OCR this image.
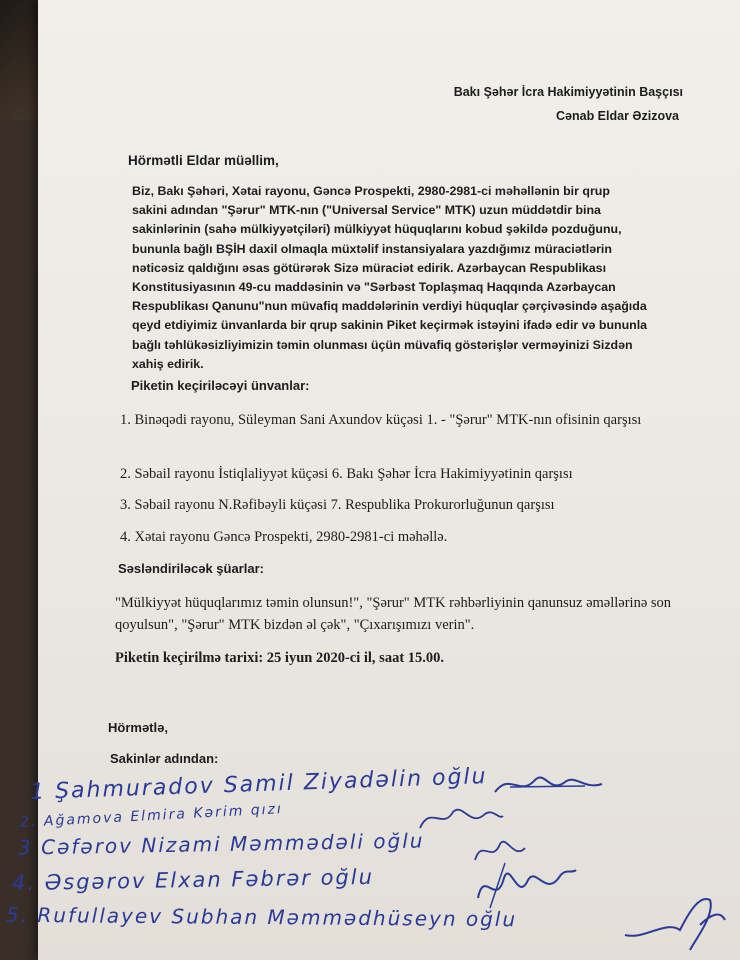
Bakı Şəhər İcra Hakimiyyətinin Başçısı
Cənab Eldar Əzizova
Hörmətli Eldar müəllim,

Biz, Bakı Şəhəri, Xətai rayonu, Gəncə Prospekti, 2980-2981-ci məhəllənin bir qrup

sakini adından "Şərur" MTK-nın ("Universal Service" MTK) uzun müddətdir bina

sakinlərinin (sahə mülkiyyətçiləri) mülkiyyət hüquqlarını kobud şəkildə pozduğunu,

bununla bağlı BŞİH daxil olmaqla müxtəlif instansiyalara yazdığımız müraciətlərin

nəticəsiz qaldığını əsas götürərək Sizə müraciət edirik. Azərbaycan Respublikası

Konstitusiyasının 49-cu maddəsinin və "Sərbəst Toplaşmaq Haqqında Azərbaycan

Respublikası Qanunu"nun müvafiq maddələrinin verdiyi hüquqlar çərçivəsində aşağıda

qeyd etdiyimiz ünvanlarda bir qrup sakinin Piket keçirmək istəyini ifadə edir və bununla

bağlı təhlükəsizliyimizin təmin olunması üçün müvafiq göstərişlər verməyinizi Sizdən

xahiş edirik.

Piketin keçiriləcəyi ünvanlar:
1. Binəqədi rayonu, Süleyman Sani Axundov küçəsi 1. - "Şərur" MTK-nın ofisinin qarşısı
2. Səbail rayonu İstiqlaliyyət küçəsi 6. Bakı Şəhər İcra Hakimiyyətinin qarşısı
3. Səbail rayonu N.Rəfibəyli küçəsi 7. Respublika Prokurorluğunun qarşısı
4. Xətai rayonu Gəncə Prospekti, 2980-2981-ci məhəllə.
Səsləndiriləcək şüarlar:
"Mülkiyyət hüquqlarımız təmin olunsun!", "Şərur" MTK rəhbərliyinin qanunsuz əməllərinə son qoyulsun", "Şərur" MTK bizdən əl çək", "Çıxarışımızı verin".
Piketin keçirilmə tarixi: 25 iyun 2020-ci il, saat 15.00.
Hörmətlə,
Sakinlər adından:
1 Şahmuradov Samil Ziyadəlin oğlu
2. Ağamova Elmira Kərim qızı
3 Cəfərov Nizami Məmmədəli oğlu
4. Əsgərov Elxan Fəbrər oğlu
5. Rufullayev Subhan Məmmədhüseyn oğlu
